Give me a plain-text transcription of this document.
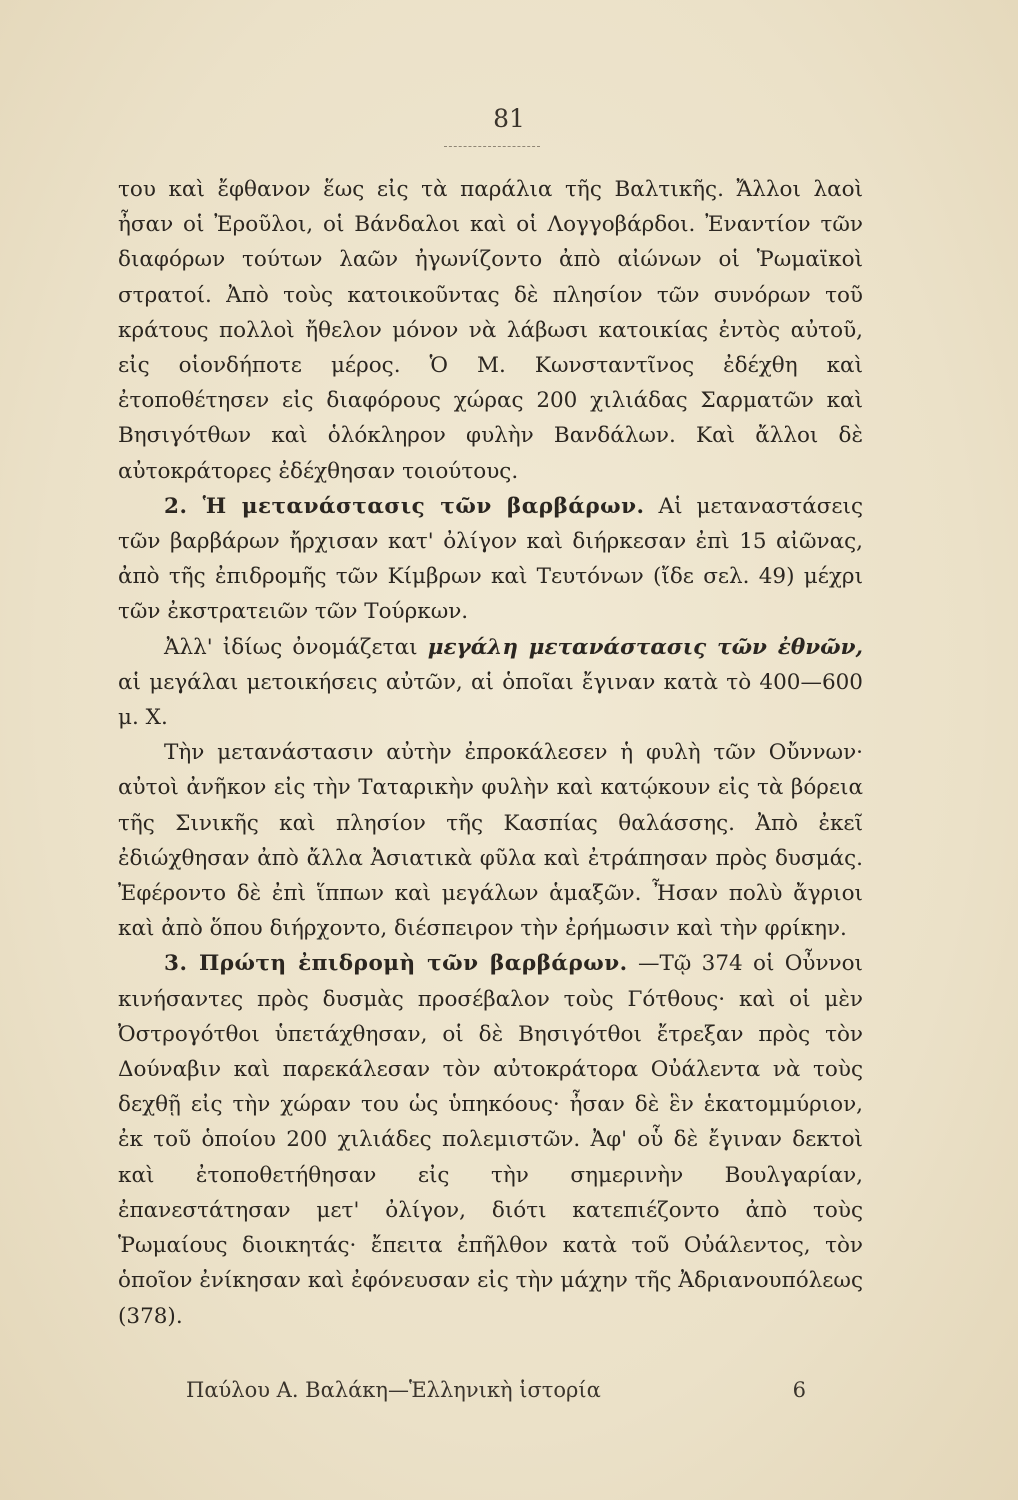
81

του καὶ ἔφθανον ἕως εἰς τὰ παράλια τῆς Βαλτικῆς. Ἄλλοι λαοὶ ἦσαν οἱ Ἐροῦλοι, οἱ Βάνδαλοι καὶ οἱ Λογγοβάρδοι. Ἐναντίον τῶν διαφόρων τούτων λαῶν ἠγωνίζοντο ἀπὸ αἰώνων οἱ Ῥωμαϊκοὶ στρατοί. Ἀπὸ τοὺς κατοικοῦντας δὲ πλησίον τῶν συνόρων τοῦ κράτους πολλοὶ ἤθελον μόνον νὰ λάβωσι κατοικίας ἐντὸς αὐτοῦ, εἰς οἱονδήποτε μέρος. Ὁ Μ. Κωνσταντῖνος ἐδέχθη καὶ ἐτοποθέτησεν εἰς διαφόρους χώρας 200 χιλιάδας Σαρματῶν καὶ Βησιγότθων καὶ ὁλόκληρον φυλὴν Βανδάλων. Καὶ ἄλλοι δὲ αὐτοκράτορες ἐδέχθησαν τοιούτους.

2. Ἡ μετανάστασις τῶν βαρβάρων. Αἱ μεταναστάσεις τῶν βαρβάρων ἤρχισαν κατ' ὀλίγον καὶ διήρκεσαν ἐπὶ 15 αἰῶνας, ἀπὸ τῆς ἐπιδρομῆς τῶν Κίμβρων καὶ Τευτόνων (ἴδε σελ. 49) μέχρι τῶν ἐκστρατειῶν τῶν Τούρκων.

Ἀλλ' ἰδίως ὀνομάζεται μεγάλη μετανάστασις τῶν ἐθνῶν, αἱ μεγάλαι μετοικήσεις αὐτῶν, αἱ ὁποῖαι ἔγιναν κατὰ τὸ 400—600 μ. Χ.

Τὴν μετανάστασιν αὐτὴν ἐπροκάλεσεν ἡ φυλὴ τῶν Οὔννων· αὐτοὶ ἀνῆκον εἰς τὴν Ταταρικὴν φυλὴν καὶ κατῴκουν εἰς τὰ βόρεια τῆς Σινικῆς καὶ πλησίον τῆς Κασπίας θαλάσσης. Ἀπὸ ἐκεῖ ἐδιώχθησαν ἀπὸ ἄλλα Ἀσιατικὰ φῦλα καὶ ἐτράπησαν πρὸς δυσμάς. Ἐφέροντο δὲ ἐπὶ ἵππων καὶ μεγάλων ἁμαξῶν. Ἦσαν πολὺ ἄγριοι καὶ ἀπὸ ὅπου διήρχοντο, διέσπειρον τὴν ἐρήμωσιν καὶ τὴν φρίκην.

3. Πρώτη ἐπιδρομὴ τῶν βαρβάρων. —Τῷ 374 οἱ Οὖννοι κινήσαντες πρὸς δυσμὰς προσέβαλον τοὺς Γότθους· καὶ οἱ μὲν Ὀστρογότθοι ὑπετάχθησαν, οἱ δὲ Βησιγότθοι ἔτρεξαν πρὸς τὸν Δούναβιν καὶ παρεκάλεσαν τὸν αὐτοκράτορα Οὐάλεντα νὰ τοὺς δεχθῇ εἰς τὴν χώραν του ὡς ὑπηκόους· ἦσαν δὲ ἓν ἑκατομμύριον, ἐκ τοῦ ὁποίου 200 χιλιάδες πολεμιστῶν. Ἀφ' οὗ δὲ ἔγιναν δεκτοὶ καὶ ἐτοποθετήθησαν εἰς τὴν σημερινὴν Βουλγαρίαν, ἐπανεστάτησαν μετ' ὀλίγον, διότι κατεπιέζοντο ἀπὸ τοὺς Ῥωμαίους διοικητάς· ἔπειτα ἐπῆλθον κατὰ τοῦ Οὐάλεντος, τὸν ὁποῖον ἐνίκησαν καὶ ἐφόνευσαν εἰς τὴν μάχην τῆς Ἀδριανουπόλεως (378).

Παύλου Α. Βαλάκη—Ἑλληνικὴ ἱστορία	6
